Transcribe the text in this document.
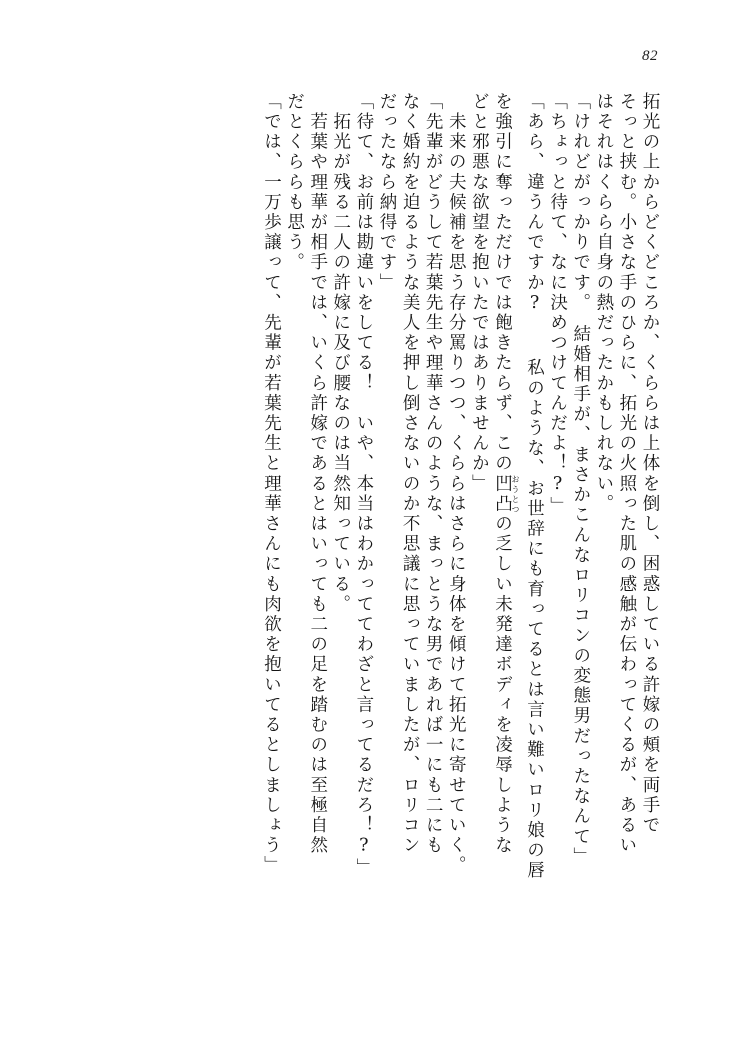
82
拓光の上からどくどころか、くららは上体を倒し、困惑している許嫁の頰を両手で
そっと挟む。小さな手のひらに、拓光の火照った肌の感触が伝わってくるが、あるい
はそれはくらら自身の熱だったかもしれない。
「けれどがっかりです。　結婚相手が、まさかこんなロリコンの変態男だったなんて」
「ちょっと待て、なに決めつけてんだよ！?」
「あら、違うんですか? 　私のような、お世辞にも育ってるとは言い難いロリ娘の唇
を強引に奪っただけでは飽きたらず、この凹凸おうとつの乏しい未発達ボディを凌辱しような
どと邪悪な欲望を抱いたではありませんか」
　未来の夫候補を思う存分罵りつつ、くららはさらに身体を傾けて拓光に寄せていく。
「先輩がどうして若葉先生や理華さんのような、まっとうな男であれば一にも二にも
なく婚約を迫るような美人を押し倒さないのか不思議に思っていましたが、ロリコン
だったなら納得です」
「待て、お前は勘違いをしてる！　いや、本当はわかっててわざと言ってるだろ！?」
　拓光が残る二人の許嫁に及び腰なのは当然知っている。
　若葉や理華が相手では、いくら許嫁であるとはいっても二の足を踏むのは至極自然
だとくららも思う。
「では、一万歩譲って、先輩が若葉先生と理華さんにも肉欲を抱いてるとしましょう」
